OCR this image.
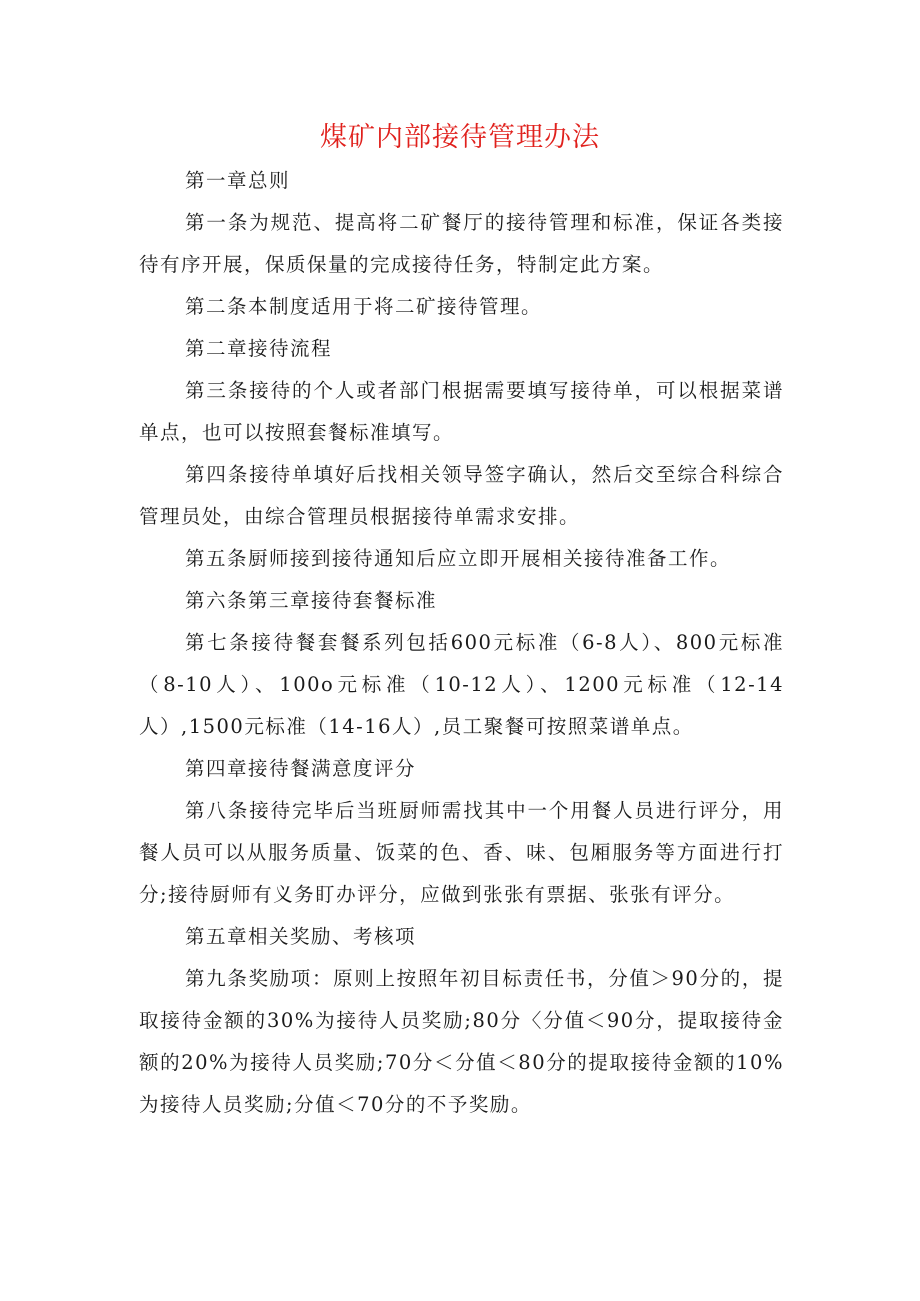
煤矿内部接待管理办法

第一章总则

第一条为规范、提高将二矿餐厅的接待管理和标准，保证各类接待有序开展，保质保量的完成接待任务，特制定此方案。

第二条本制度适用于将二矿接待管理。

第二章接待流程

第三条接待的个人或者部门根据需要填写接待单，可以根据菜谱单点，也可以按照套餐标准填写。

第四条接待单填好后找相关领导签字确认，然后交至综合科综合管理员处，由综合管理员根据接待单需求安排。

第五条厨师接到接待通知后应立即开展相关接待准备工作。

第六条第三章接待套餐标准

第七条接待餐套餐系列包括600元标准（6-8人）、800元标准（8-10人）、100o元标准（10-12人）、1200元标准（12-14人）,1500元标准（14-16人）,员工聚餐可按照菜谱单点。

第四章接待餐满意度评分

第八条接待完毕后当班厨师需找其中一个用餐人员进行评分，用餐人员可以从服务质量、饭菜的色、香、味、包厢服务等方面进行打分;接待厨师有义务盯办评分，应做到张张有票据、张张有评分。

第五章相关奖励、考核项

第九条奖励项：原则上按照年初目标责任书，分值＞90分的，提取接待金额的30%为接待人员奖励;80分〈分值＜90分，提取接待金额的20%为接待人员奖励;70分＜分值＜80分的提取接待金额的10%为接待人员奖励;分值＜70分的不予奖励。
